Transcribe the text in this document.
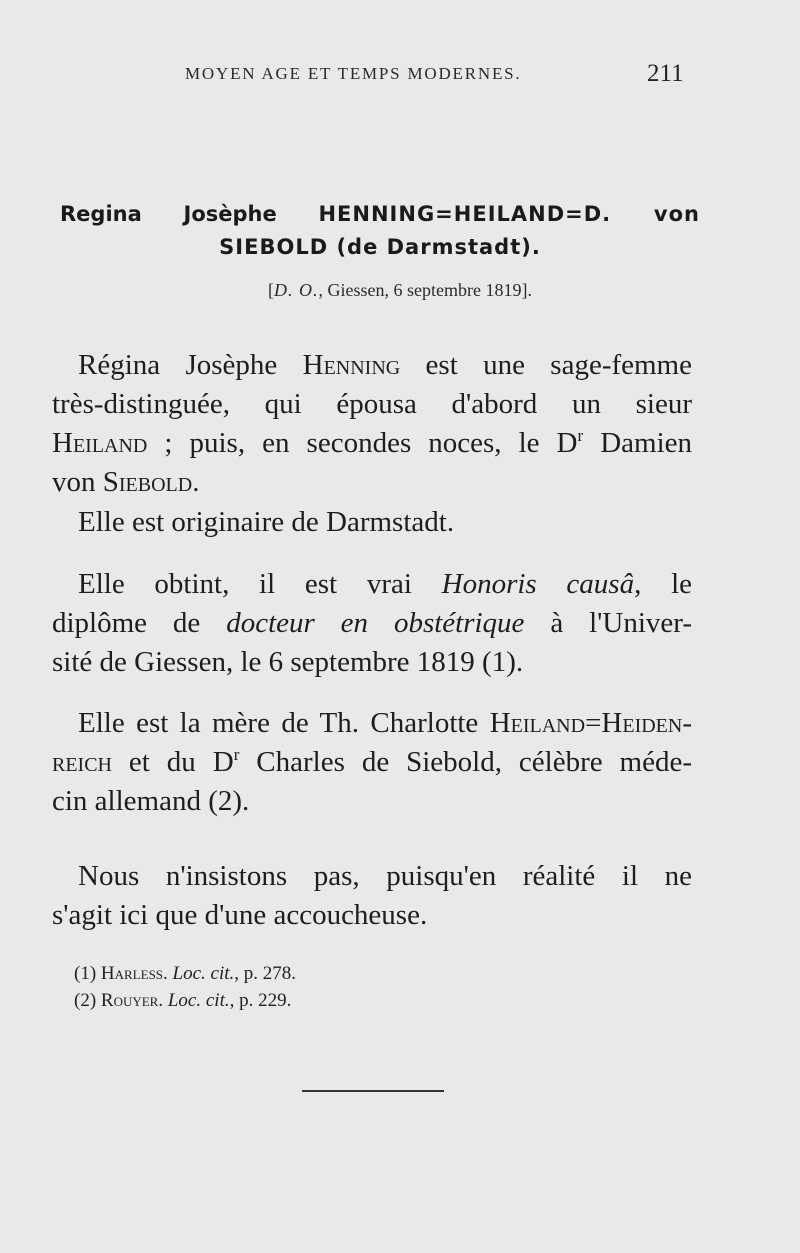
MOYEN AGE ET TEMPS MODERNES.	211
Regina Josèphe HENNING=HEILAND=D. von
SIEBOLD (de Darmstadt).
[D. O., Giessen, 6 septembre 1819].
Régina Josèphe Henning est une sage-femme
très-distinguée, qui épousa d'abord un sieur
Heiland ; puis, en secondes noces, le $D^r$ Damien
von Siebold.
Elle est originaire de Darmstadt.
Elle obtint, il est vrai Honoris causâ, le
diplôme de docteur en obstétrique à l'Univer-
sité de Giessen, le 6 septembre 1819 (1).
Elle est la mère de Th. Charlotte Heiland=Heiden-
reich et du $D^r$ Charles de Siebold, célèbre méde-
cin allemand (2).
Nous n'insistons pas, puisqu'en réalité il ne
s'agit ici que d'une accoucheuse.
(1) Harless. Loc. cit., p. 278.
(2) Rouyer. Loc. cit., p. 229.
